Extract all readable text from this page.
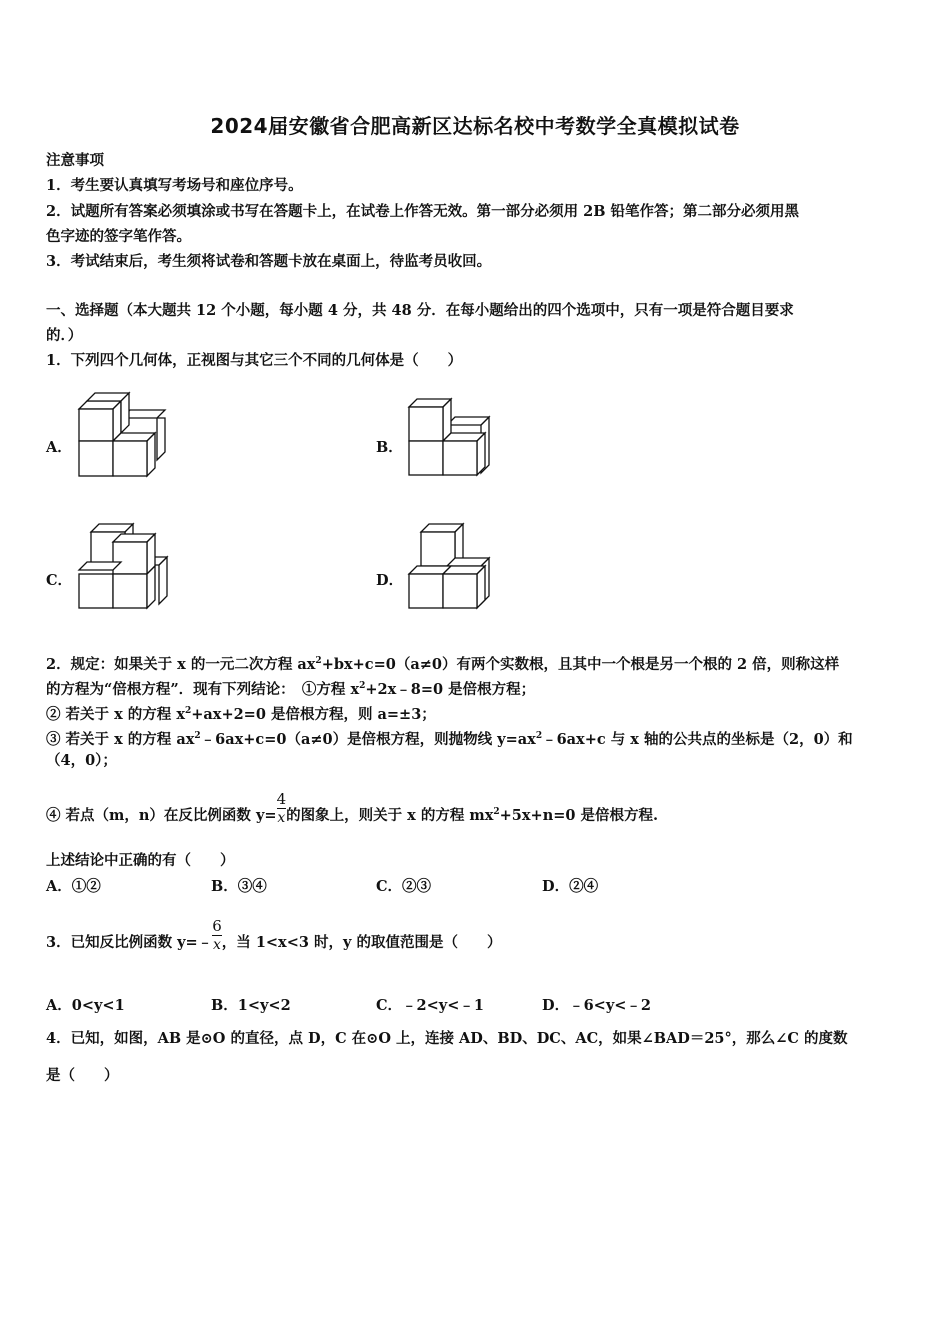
2024届安徽省合肥高新区达标名校中考数学全真模拟试卷
注意事项
1．考生要认真填写考场号和座位序号。
2．试题所有答案必须填涂或书写在答题卡上，在试卷上作答无效。第一部分必须用 2B 铅笔作答；第二部分必须用黑
色字迹的签字笔作答。
3．考试结束后，考生须将试卷和答题卡放在桌面上，待监考员收回。
一、选择题（本大题共 12 个小题，每小题 4 分，共 48 分．在每小题给出的四个选项中，只有一项是符合题目要求
的．）
1．下列四个几何体，正视图与其它三个不同的几何体是（　　）
A．	B．
C．	D．
2．规定：如果关于 x 的一元二次方程 $ax^2+bx+c=0(a\ne 0)$有两个实数根，且其中一个根是另一个根的 2 倍，则称这样
的方程为“倍根方程”．现有下列结论：　①方程 $x^2+2x﹣8=0$ 是倍根方程；
② 若关于 x 的方程 $x^2+ax+2=0$ 是倍根方程，则 a=±3；
③ 若关于 x 的方程 $ax^2﹣6ax+c=0(a\ne 0)$是倍根方程，则抛物线 $y=ax^2﹣6ax+c$ 与 x 轴的公共点的坐标是（2，0）和
（4，0）；
④ 若点（m，n）在反比例函数 $y= \frac{4}{x}$ 的图象上，则关于 x 的方程 $mx^2+5x+n=0$ 是倍根方程.
上述结论中正确的有（　　）
A．①②	B．③④	C．②③	D．②④
3．已知反比例函数 y=﹣ $\frac{6}{x}$ ，当 1<x<3 时，y 的取值范围是（　　）
A．0<y<1	B．1<y<2	C．﹣2<y<﹣1	D．﹣6<y<﹣2
4．已知，如图，AB 是⊙O 的直径，点 D，C 在⊙O 上，连接 AD、BD、DC、AC，如果∠BAD＝25°，那么∠C 的度数
是（　　）
